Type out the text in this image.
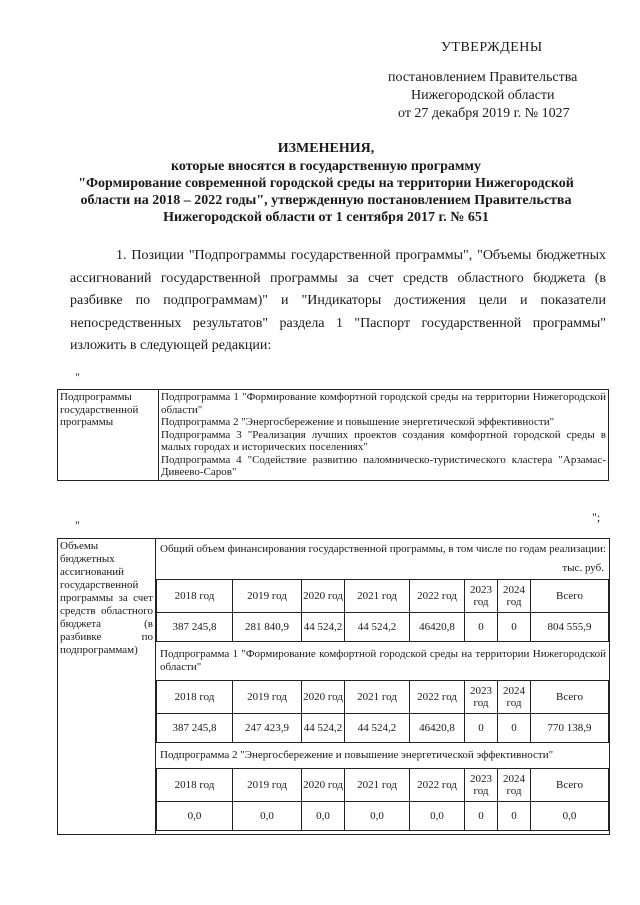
УТВЕРЖДЕНЫ
постановлением Правительства
Нижегородской области
от 27 декабря 2019 г. № 1027
ИЗМЕНЕНИЯ,
которые вносятся в государственную программу
"Формирование современной городской среды на территории Нижегородской
области на 2018 – 2022 годы", утвержденную постановлением Правительства
Нижегородской области от 1 сентября 2017 г. № 651
1. Позиции "Подпрограммы государственной программы", "Объемы бюджетных ассигнований государственной программы за счет средств областного бюджета (в разбивке по подпрограммам)" и "Индикаторы достижения цели и показатели непосредственных результатов" раздела 1 "Паспорт государственной программы" изложить в следующей редакции:
"
Подпрограммы государственной программы	
Подпрограмма 1 "Формирование комфортной городской среды на территории Нижегородской области"
Подпрограмма 2 "Энергосбережение и повышение энергетической эффективности"
Подпрограмма 3 "Реализация лучших проектов создания комфортной городской среды в малых городах и исторических поселениях"
Подпрограмма 4 "Содействие развитию паломническо-туристического кластера "Арзамас-Дивеево-Саров"
";
"
Объемы бюджетных ассигнований государственной программы за счет средств областного бюджета (в разбивке по подпрограммам)	
Общий объем финансирования государственной программы, в том числе по годам реализации:
тыс. руб.
2018 год	2019 год	2020 год	2021 год	2022 год	2023 год	2024 год	Всего
387 245,8	281 840,9	44 524,2	44 524,2	46420,8	0	0	804 555,9
Подпрограмма 1 "Формирование комфортной городской среды на территории Нижегородской области"
2018 год	2019 год	2020 год	2021 год	2022 год	2023 год	2024 год	Всего
387 245,8	247 423,9	44 524,2	44 524,2	46420,8	0	0	770 138,9
Подпрограмма 2 "Энергосбережение и повышение энергетической эффективности"
2018 год	2019 год	2020 год	2021 год	2022 год	2023 год	2024 год	Всего
0,0	0,0	0,0	0,0	0,0	0	0	0,0
